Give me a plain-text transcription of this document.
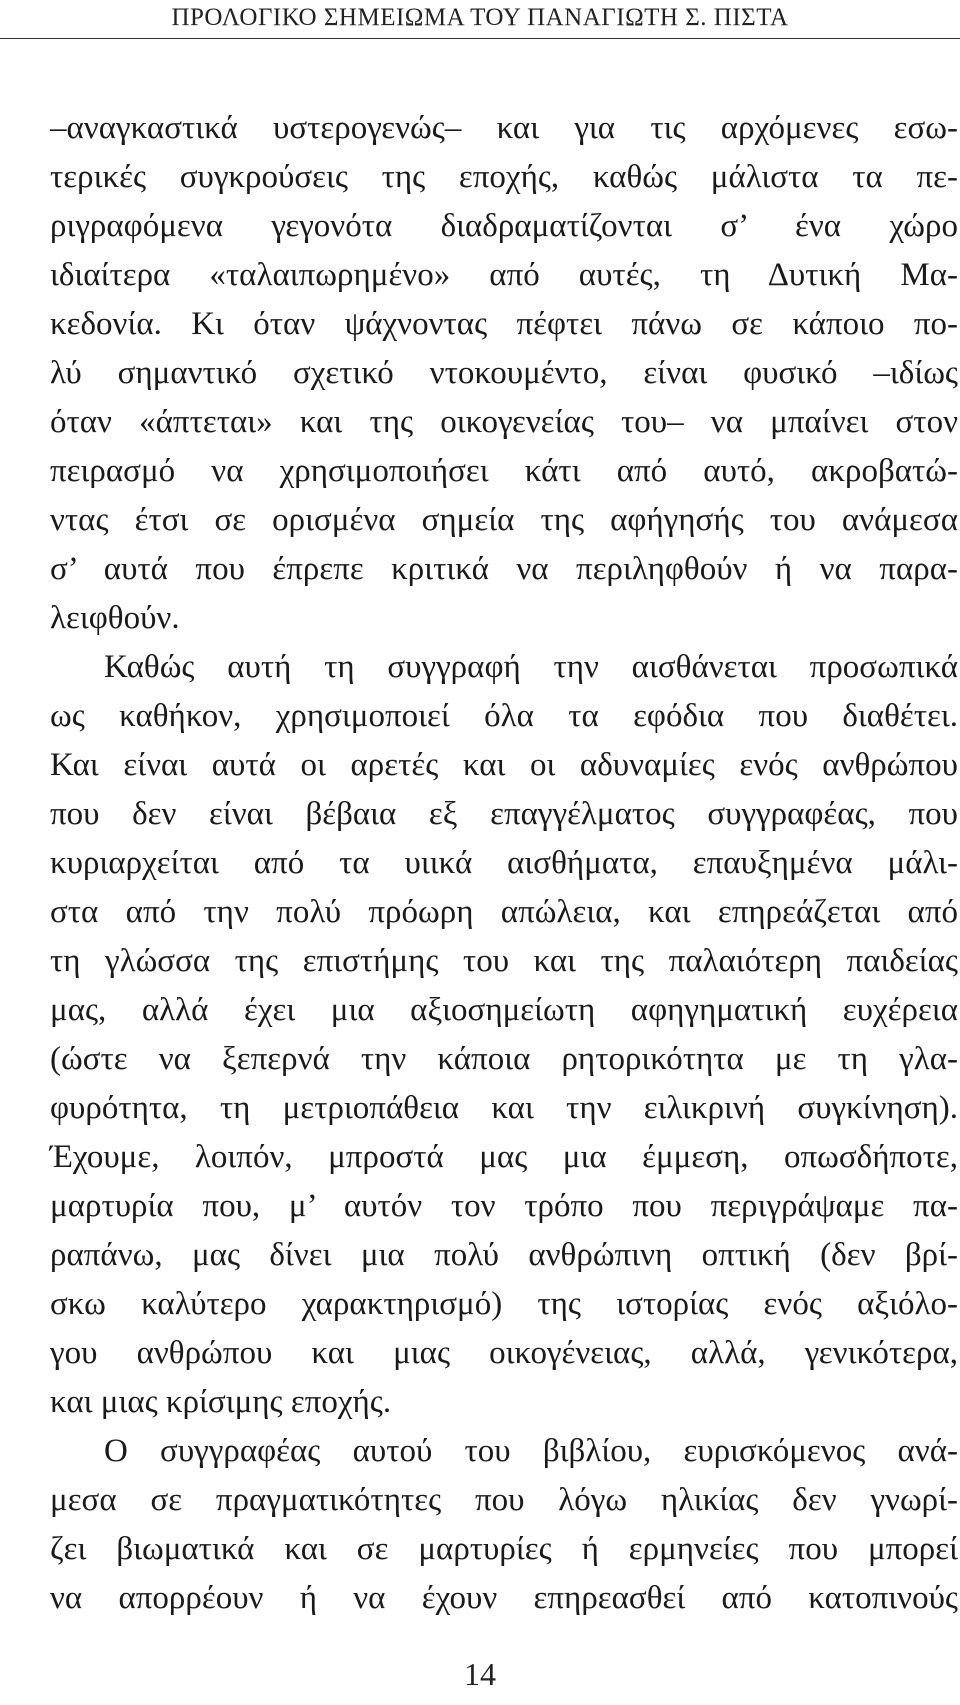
ΠΡΟΛΟΓΙΚΟ ΣΗΜΕΙΩΜΑ ΤΟΥ ΠΑΝΑΓΙΩΤΗ Σ. ΠΙΣΤΑ
–αναγκαστικά υστερογενώς– και για τις αρχόμενες εσω-
τερικές συγκρούσεις της εποχής, καθώς μάλιστα τα πε-
ριγραφόμενα γεγονότα διαδραματίζονται σ’ ένα χώρο
ιδιαίτερα «ταλαιπωρημένο» από αυτές, τη Δυτική Μα-
κεδονία. Κι όταν ψάχνοντας πέφτει πάνω σε κάποιο πο-
λύ σημαντικό σχετικό ντοκουμέντο, είναι φυσικό –ιδίως
όταν «άπτεται» και της οικογενείας του– να μπαίνει στον
πειρασμό να χρησιμοποιήσει κάτι από αυτό, ακροβατώ-
ντας έτσι σε ορισμένα σημεία της αφήγησής του ανάμεσα
σ’ αυτά που έπρεπε κριτικά να περιληφθούν ή να παρα-
λειφθούν.
Καθώς αυτή τη συγγραφή την αισθάνεται προσωπικά
ως καθήκον, χρησιμοποιεί όλα τα εφόδια που διαθέτει.
Και είναι αυτά οι αρετές και οι αδυναμίες ενός ανθρώπου
που δεν είναι βέβαια εξ επαγγέλματος συγγραφέας, που
κυριαρχείται από τα υιικά αισθήματα, επαυξημένα μάλι-
στα από την πολύ πρόωρη απώλεια, και επηρεάζεται από
τη γλώσσα της επιστήμης του και της παλαιότερη παιδείας
μας, αλλά έχει μια αξιοσημείωτη αφηγηματική ευχέρεια
(ώστε να ξεπερνά την κάποια ρητορικότητα με τη γλα-
φυρότητα, τη μετριοπάθεια και την ειλικρινή συγκίνηση).
Έχουμε, λοιπόν, μπροστά μας μια έμμεση, οπωσδήποτε,
μαρτυρία που, μ’ αυτόν τον τρόπο που περιγράψαμε πα-
ραπάνω, μας δίνει μια πολύ ανθρώπινη οπτική (δεν βρί-
σκω καλύτερο χαρακτηρισμό) της ιστορίας ενός αξιόλο-
γου ανθρώπου και μιας οικογένειας, αλλά, γενικότερα,
και μιας κρίσιμης εποχής.
Ο συγγραφέας αυτού του βιβλίου, ευρισκόμενος ανά-
μεσα σε πραγματικότητες που λόγω ηλικίας δεν γνωρί-
ζει βιωματικά και σε μαρτυρίες ή ερμηνείες που μπορεί
να απορρέουν ή να έχουν επηρεασθεί από κατοπινούς
14
